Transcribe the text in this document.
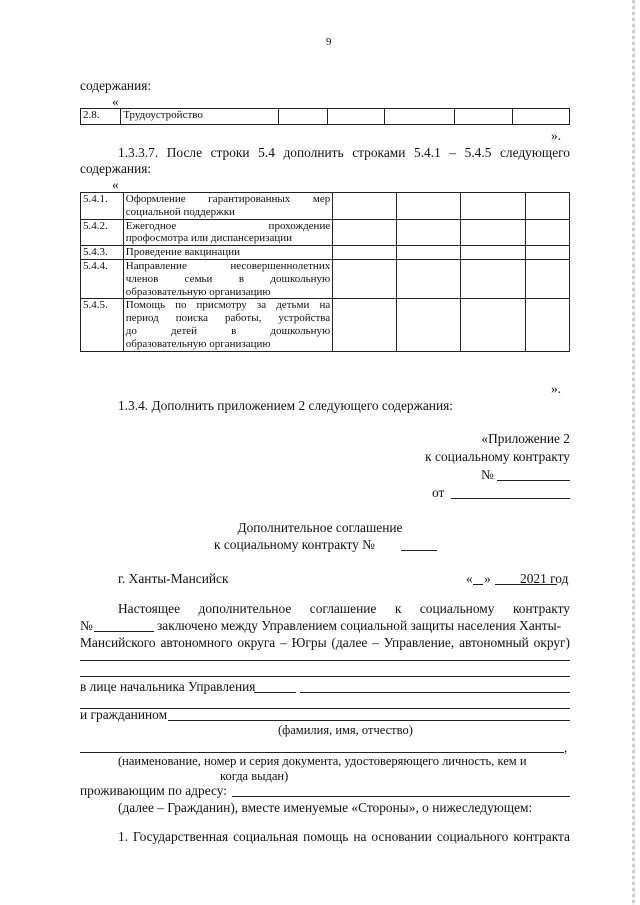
9
содержания:
«
2.8.	Трудоустройство					
».
1.3.3.7. После строки 5.4 дополнить строками 5.4.1 – 5.4.5 следующего
содержания:
«
5.4.1.	Оформление гарантированных мер
социальной поддержки				

5.4.2.	Ежегодное прохождение
профосмотра или диспансеризации				

5.4.3.	Проведение вакцинации				

5.4.4.	Направление несовершеннолетних
членов семьи в дошкольную
образовательную организацию				

5.4.5.	Помощь по присмотру за детьми на
период поиска работы, устройства
до детей в дошкольную
образовательную организацию				

».
1.3.4. Дополнить приложением 2 следующего содержания:
«Приложение 2
к социальному контракту
№
от
Дополнительное соглашение
к социальному контракту №
г. Ханты-Мансийск	« » 2021 год
Настоящее дополнительное соглашение к социальному контракту
№	заключено между Управлением социальной защиты населения Ханты-
Мансийского автономного округа – Югры (далее – Управление, автономный округ)
в лице начальника Управления
и гражданином
(фамилия, имя, отчество)
,
(наименование, номер и серия документа, удостоверяющего личность, кем и
когда выдан)
проживающим по адресу:
(далее – Гражданин), вместе именуемые «Стороны», о нижеследующем:
1. Государственная социальная помощь на основании социального контракта
